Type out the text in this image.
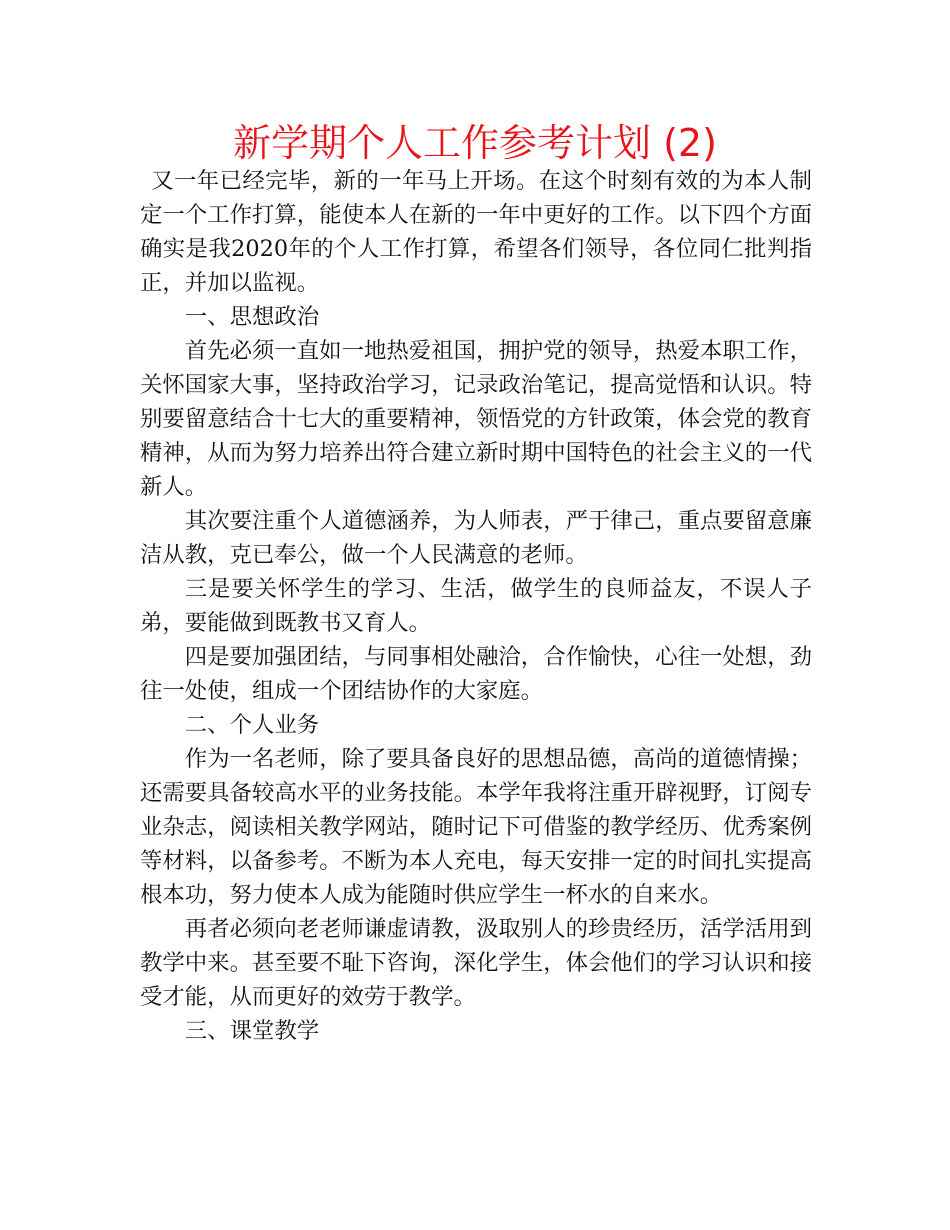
新学期个人工作参考计划 (2)

又一年已经完毕，新的一年马上开场。在这个时刻有效的为本人制定一个工作打算，能使本人在新的一年中更好的工作。以下四个方面确实是我2020年的个人工作打算，希望各们领导，各位同仁批判指正，并加以监视。

一、思想政治

首先必须一直如一地热爱祖国，拥护党的领导，热爱本职工作，关怀国家大事，坚持政治学习，记录政治笔记，提高觉悟和认识。特别要留意结合十七大的重要精神，领悟党的方针政策，体会党的教育精神，从而为努力培养出符合建立新时期中国特色的社会主义的一代新人。

其次要注重个人道德涵养，为人师表，严于律己，重点要留意廉洁从教，克已奉公，做一个人民满意的老师。

三是要关怀学生的学习、生活，做学生的良师益友，不误人子弟，要能做到既教书又育人。

四是要加强团结，与同事相处融洽，合作愉快，心往一处想，劲往一处使，组成一个团结协作的大家庭。

二、个人业务

作为一名老师，除了要具备良好的思想品德，高尚的道德情操；还需要具备较高水平的业务技能。本学年我将注重开辟视野，订阅专业杂志，阅读相关教学网站，随时记下可借鉴的教学经历、优秀案例等材料，以备参考。不断为本人充电，每天安排一定的时间扎实提高根本功，努力使本人成为能随时供应学生一杯水的自来水。

再者必须向老老师谦虚请教，汲取别人的珍贵经历，活学活用到教学中来。甚至要不耻下咨询，深化学生，体会他们的学习认识和接受才能，从而更好的效劳于教学。

三、课堂教学
